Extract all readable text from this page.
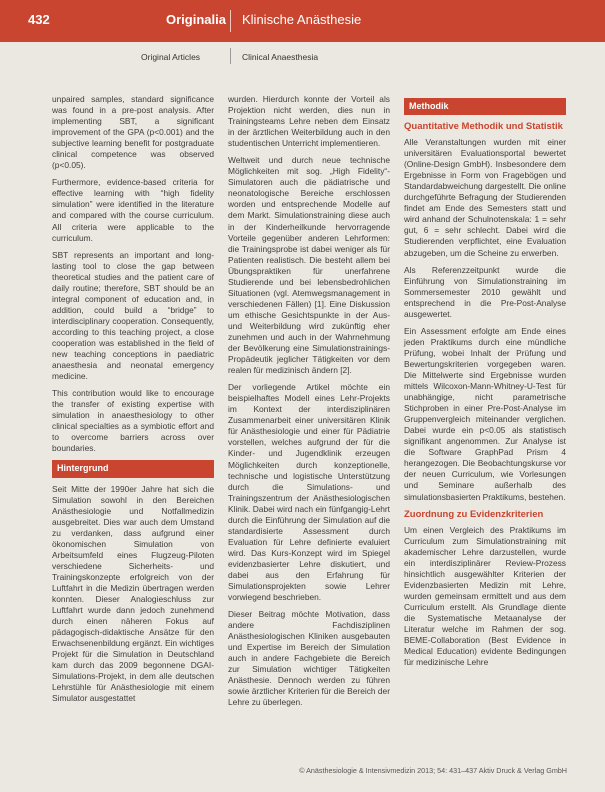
432	Originalia Klinische Anästhesie
Original Articles	Clinical Anaesthesia

unpaired samples, standard significance was found in a pre-post analysis. After implementing SBT, a significant improvement of the GPA (p<0.001) and the subjective learning benefit for postgraduate clinical competence was observed (p<0.05).

Furthermore, evidence-based criteria for effective learning with “high fidelity simulation” were identified in the literature and compared with the course curriculum. All criteria were applicable to the curriculum.

SBT represents an important and long-lasting tool to close the gap between theoretical studies and the patient care of daily routine; therefore, SBT should be an integral component of education and, in addition, could build a “bridge” to interdisciplinary cooperation. Consequently, according to this teaching project, a close cooperation was established in the field of new teaching conceptions in paediatric anaesthesia and neonatal emergency medicine.

This contribution would like to encourage the transfer of existing expertise with simulation in anaesthesiology to other clinical specialties as a symbiotic effort and to overcome barriers across over boundaries.

Hintergrund

Seit Mitte der 1990er Jahre hat sich die Simulation sowohl in den Bereichen Anästhesiologie und Notfallmedizin ausgebreitet. Dies war auch dem Umstand zu verdanken, dass aufgrund einer ökonomischen Simulation von Arbeitsumfeld eines Flugzeug-Piloten verschiedene Sicherheits- und Trainingskonzepte erfolgreich von der Luftfahrt in die Medizin übertragen werden konnten. Dieser Analogieschluss zur Luftfahrt wurde dann jedoch zunehmend durch einen näheren Fokus auf pädagogisch-didaktische Ansätze für den Erwachsenenbildung ergänzt. Ein wichtiges Projekt für die Simulation in Deutschland kam durch das 2009 begonnene DGAI-Simulations-Projekt, in dem alle deutschen Lehrstühle für Anästhesiologie mit einem Simulator ausgestattet

wurden. Hierdurch konnte der Vorteil als Projektion nicht werden, dies nun in Trainingsteams Lehre neben dem Einsatz in der ärztlichen Weiterbildung auch in den studentischen Unterricht implementieren.

Weltweit und durch neue technische Möglichkeiten mit sog. „High Fidelity“-Simulatoren auch die pädiatrische und neonatologische Bereiche erschlossen worden und entsprechende Modelle auf dem Markt. Simulationstraining diese auch in der Kinderheilkunde hervorragende Vorteile gegenüber anderen Lehrformen: die Trainingsprobe ist dabei weniger als für Patienten realistisch. Die besteht allem bei Übungspraktiken für unerfahrene Studierende und bei lebensbedrohlichen Situationen (vgl. Atemwegsmanagement in verschiedenen Fällen) [1]. Eine Diskussion um ethische Gesichtspunkte in der Aus- und Weiterbildung wird zukünftig eher zunehmen und auch in der Wahrnehmung der Bevölkerung eine Simulationstrainings-Propädeutik jeglicher Tätigkeiten vor dem realen für medizinisch ändern [2].

Der vorliegende Artikel möchte ein beispielhaftes Modell eines Lehr-Projekts im Kontext der interdisziplinären Zusammenarbeit einer universitären Klinik für Anästhesiologie und einer für Pädiatrie vorstellen, welches aufgrund der für die Kinder- und Jugendklinik erzeugen Möglichkeiten durch konzeptionelle, technische und logistische Unterstützung durch die Simulations- und Trainingszentrum der Anästhesiologischen Klinik. Dabei wird nach ein fünfgangig-Lehrt durch die Einführung der Simulation auf die standardisierte Assessment durch Evaluation für Lehre definierte evaluiert wird. Das Kurs-Konzept wird im Spiegel evidenzbasierter Lehre diskutiert, und dabei aus den Erfahrung für Simulationsprojekten sowie Lehrer vorwiegend beschrieben.

Dieser Beitrag möchte Motivation, dass andere Fachdisziplinen Anästhesiologischen Kliniken ausgebauten und Expertise im Bereich der Simulation auch in andere Fachgebiete die Bereich zur Simulation wichtiger Tätigkeiten Anästhesie. Dennoch werden zu führen sowie ärztlicher Kriterien für die Bereich der Lehre zu überlegen.

Methodik
Quantitative Methodik und Statistik

Alle Veranstaltungen wurden mit einer universitären Evaluationsportal bewertet (Online-Design GmbH). Insbesondere dem Ergebnisse in Form von Fragebögen und Standardabweichung dargestellt. Die online durchgeführte Befragung der Studierenden findet am Ende des Semesters statt und wird anhand der Schulnotenskala: 1 = sehr gut, 6 = sehr schlecht. Dabei wird die Studierenden verpflichtet, eine Evaluation abzugeben, um die Scheine zu erwerben.

Als Referenzzeitpunkt wurde die Einführung von Simulationstraining im Sommersemester 2010 gewählt und entsprechend in die Pre-Post-Analyse ausgewertet.

Ein Assessment erfolgte am Ende eines jeden Praktikums durch eine mündliche Prüfung, wobei Inhalt der Prüfung und Bewertungskriterien vorgegeben waren. Die Mittelwerte sind Ergebnisse wurden mittels Wilcoxon-Mann-Whitney-U-Test für unabhängige, nicht parametrische Stichproben in einer Pre-Post-Analyse im Gruppenvergleich miteinander verglichen. Dabei wurde ein p<0.05 als statistisch signifikant angenommen. Zur Analyse ist die Software GraphPad Prism 4 herangezogen. Die Beobachtungskurse vor der neuen Curriculum, wie Vorlesungen und Seminare außerhalb des simulationsbasierten Praktikums, bestehen.

Zuordnung zu Evidenzkriterien

Um einen Vergleich des Praktikums im Curriculum zum Simulationstraining mit akademischer Lehre darzustellen, wurde ein interdisziplinärer Review-Prozess hinsichtlich ausgewählter Kriterien der Evidenzbasierten Medizin mit Lehre, wurden gemeinsam ermittelt und aus dem Curriculum erstellt. Als Grundlage diente die Systematische Metaanalyse der Literatur welche im Rahmen der sog. BEME-Collaboration (Best Evidence in Medical Education) evidente Bedingungen für medizinische Lehre

© Anästhesiologie & Intensivmedizin 2013; 54: 431–437 Aktiv Druck & Verlag GmbH
